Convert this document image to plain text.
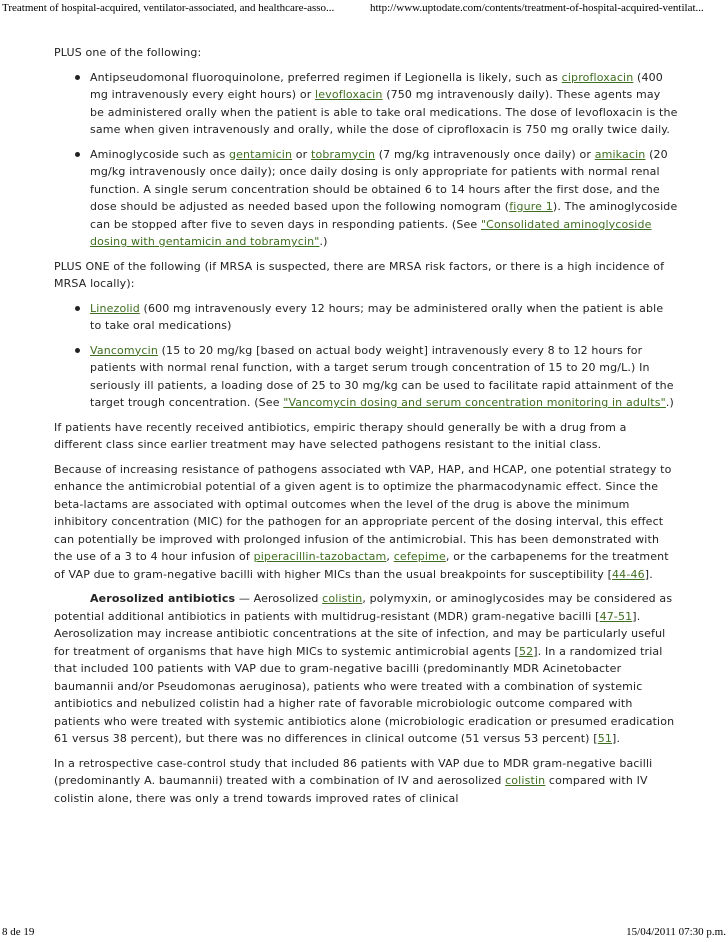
Treatment of hospital-acquired, ventilator-associated, and healthcare-asso...	http://www.uptodate.com/contents/treatment-of-hospital-acquired-ventilat...

PLUS one of the following:

Antipseudomonal fluoroquinolone, preferred regimen if Legionella is likely, such as ciprofloxacin (400 mg intravenously every eight hours) or levofloxacin (750 mg intravenously daily). These agents may be administered orally when the patient is able to take oral medications. The dose of levofloxacin is the same when given intravenously and orally, while the dose of ciprofloxacin is 750 mg orally twice daily.
Aminoglycoside such as gentamicin or tobramycin (7 mg/kg intravenously once daily) or amikacin (20 mg/kg intravenously once daily); once daily dosing is only appropriate for patients with normal renal function. A single serum concentration should be obtained 6 to 14 hours after the first dose, and the dose should be adjusted as needed based upon the following nomogram (figure 1). The aminoglycoside can be stopped after five to seven days in responding patients. (See "Consolidated aminoglycoside dosing with gentamicin and tobramycin".)

PLUS ONE of the following (if MRSA is suspected, there are MRSA risk factors, or there is a high incidence of MRSA locally):

Linezolid (600 mg intravenously every 12 hours; may be administered orally when the patient is able to take oral medications)
Vancomycin (15 to 20 mg/kg [based on actual body weight] intravenously every 8 to 12 hours for patients with normal renal function, with a target serum trough concentration of 15 to 20 mg/L.) In seriously ill patients, a loading dose of 25 to 30 mg/kg can be used to facilitate rapid attainment of the target trough concentration. (See "Vancomycin dosing and serum concentration monitoring in adults".)

If patients have recently received antibiotics, empiric therapy should generally be with a drug from a different class since earlier treatment may have selected pathogens resistant to the initial class.

Because of increasing resistance of pathogens associated wth VAP, HAP, and HCAP, one potential strategy to enhance the antimicrobial potential of a given agent is to optimize the pharmacodynamic effect. Since the beta-lactams are associated with optimal outcomes when the level of the drug is above the minimum inhibitory concentration (MIC) for the pathogen for an appropriate percent of the dosing interval, this effect can potentially be improved with prolonged infusion of the antimicrobial. This has been demonstrated with the use of a 3 to 4 hour infusion of piperacillin-tazobactam, cefepime, or the carbapenems for the treatment of VAP due to gram-negative bacilli with higher MICs than the usual breakpoints for susceptibility [44-46].

Aerosolized antibiotics — Aerosolized colistin, polymyxin, or aminoglycosides may be considered as potential additional antibiotics in patients with multidrug-resistant (MDR) gram-negative bacilli [47-51]. Aerosolization may increase antibiotic concentrations at the site of infection, and may be particularly useful for treatment of organisms that have high MICs to systemic antimicrobial agents [52]. In a randomized trial that included 100 patients with VAP due to gram-negative bacilli (predominantly MDR Acinetobacter baumannii and/or Pseudomonas aeruginosa), patients who were treated with a combination of systemic antibiotics and nebulized colistin had a higher rate of favorable microbiologic outcome compared with patients who were treated with systemic antibiotics alone (microbiologic eradication or presumed eradication 61 versus 38 percent), but there was no differences in clinical outcome (51 versus 53 percent) [51].

In a retrospective case-control study that included 86 patients with VAP due to MDR gram-negative bacilli (predominantly A. baumannii) treated with a combination of IV and aerosolized colistin compared with IV colistin alone, there was only a trend towards improved rates of clinical

8 de 19	15/04/2011 07:30 p.m.
